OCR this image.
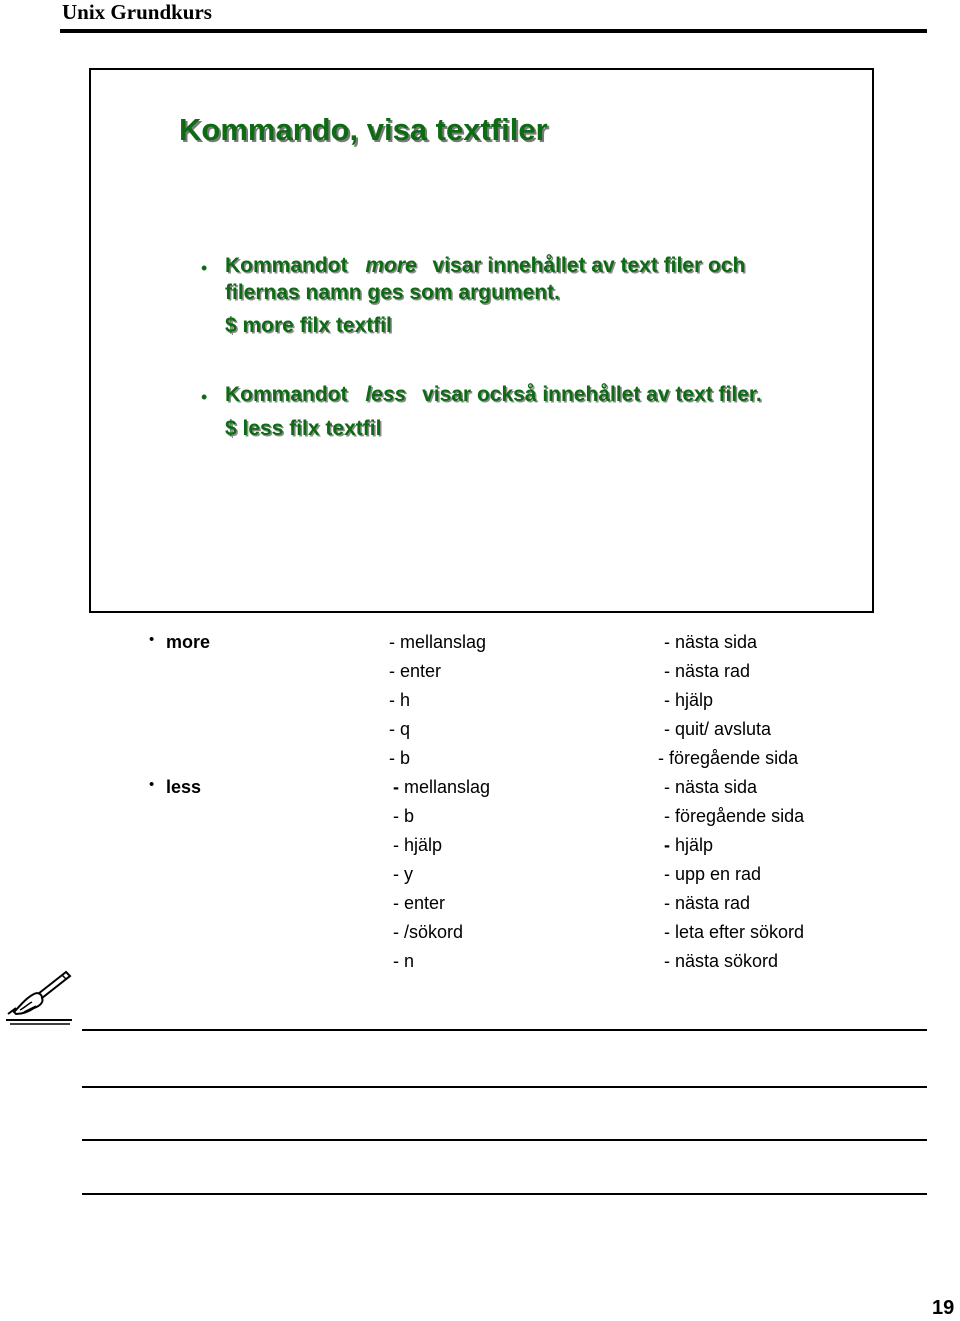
Unix Grundkurs
Kommando, visa textfiler
• Kommandot more visar innehållet av text filer och
filernas namn ges som argument.
$ more filx textfil
• Kommandot less visar också innehållet av text filer.
$ less filx textfil
• more	- mellanslag
- enter
- h
- q
- b
- nästa sida
- nästa rad
- hjälp
- quit/ avsluta
- föregående sida
• less	- mellanslag
- b
- hjälp
- y
- enter
- /sökord
- n
- nästa sida
- föregående sida
- hjälp
- upp en rad
- nästa rad
- leta efter sökord
- nästa sökord
19
